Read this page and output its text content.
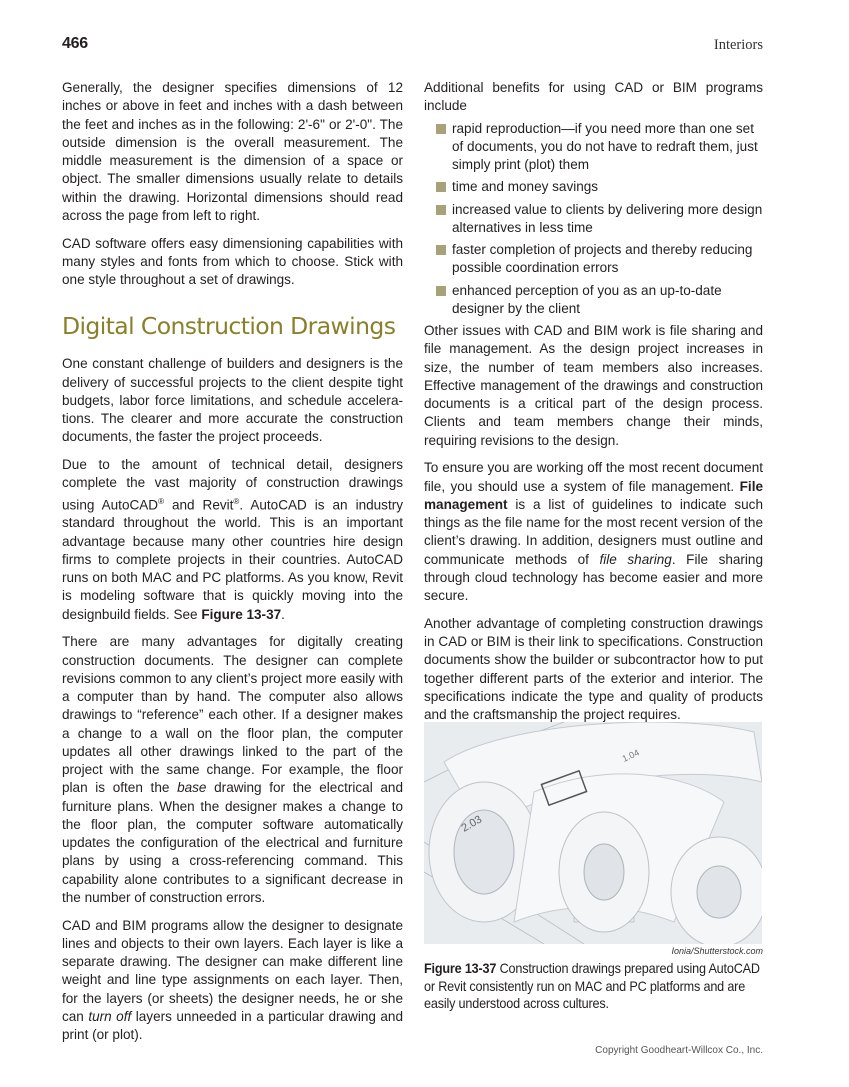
466	Interiors

Generally, the designer specifies dimensions of 12 inches or above in feet and inches with a dash between the feet and inches as in the following: 2'-6" or 2'-0". The outside dimension is the overall measurement. The middle measurement is the dimension of a space or object. The smaller dimensions usually relate to details within the drawing. Horizontal dimensions should read across the page from left to right.

CAD software offers easy dimensioning capabilities with many styles and fonts from which to choose. Stick with one style throughout a set of drawings.

Digital Construction Drawings

One constant challenge of builders and designers is the delivery of successful projects to the client despite tight budgets, labor force limitations, and schedule accelerations. The clearer and more accurate the construction documents, the faster the project proceeds.

Due to the amount of technical detail, designers complete the vast majority of construction drawings using AutoCAD® and Revit®. AutoCAD is an industry standard throughout the world. This is an important advantage because many other countries hire design firms to complete projects in their countries. AutoCAD runs on both MAC and PC platforms. As you know, Revit is modeling software that is quickly moving into the designbuild fields. See Figure 13-37.

There are many advantages for digitally creating construction documents. The designer can complete revisions common to any client’s project more easily with a computer than by hand. The computer also allows drawings to “reference” each other. If a designer makes a change to a wall on the floor plan, the computer updates all other drawings linked to the part of the project with the same change. For example, the floor plan is often the base drawing for the electrical and furniture plans. When the designer makes a change to the floor plan, the computer software automatically updates the configuration of the electrical and furniture plans by using a cross-referencing command. This capability alone contributes to a significant decrease in the number of construction errors.

CAD and BIM programs allow the designer to designate lines and objects to their own layers. Each layer is like a separate drawing. The designer can make different line weight and line type assignments on each layer. Then, for the layers (or sheets) the designer needs, he or she can turn off layers unneeded in a particular drawing and print (or plot).

Additional benefits for using CAD or BIM programs include

rapid reproduction—if you need more than one set of documents, you do not have to redraft them, just simply print (plot) them
time and money savings
increased value to clients by delivering more design alternatives in less time
faster completion of projects and thereby reducing possible coordination errors
enhanced perception of you as an up-to-date designer by the client

Other issues with CAD and BIM work is file sharing and file management. As the design project increases in size, the number of team members also increases. Effective management of the drawings and construction documents is a critical part of the design process. Clients and team members change their minds, requiring revisions to the design.

To ensure you are working off the most recent document file, you should use a system of file management. File management is a list of guidelines to indicate such things as the file name for the most recent version of the client’s drawing. In addition, designers must outline and communicate methods of file sharing. File sharing through cloud technology has become easier and more secure.

Another advantage of completing construction drawings in CAD or BIM is their link to specifications. Construction documents show the builder or subcontractor how to put together different parts of the exterior and interior. The specifications indicate the type and quality of products and the craftsmanship the project requires.

2.03
1.04
Ionia/Shutterstock.com
Figure 13-37 Construction drawings prepared using AutoCAD or Revit consistently run on MAC and PC platforms and are easily understood across cultures.
Copyright Goodheart-Willcox Co., Inc.
